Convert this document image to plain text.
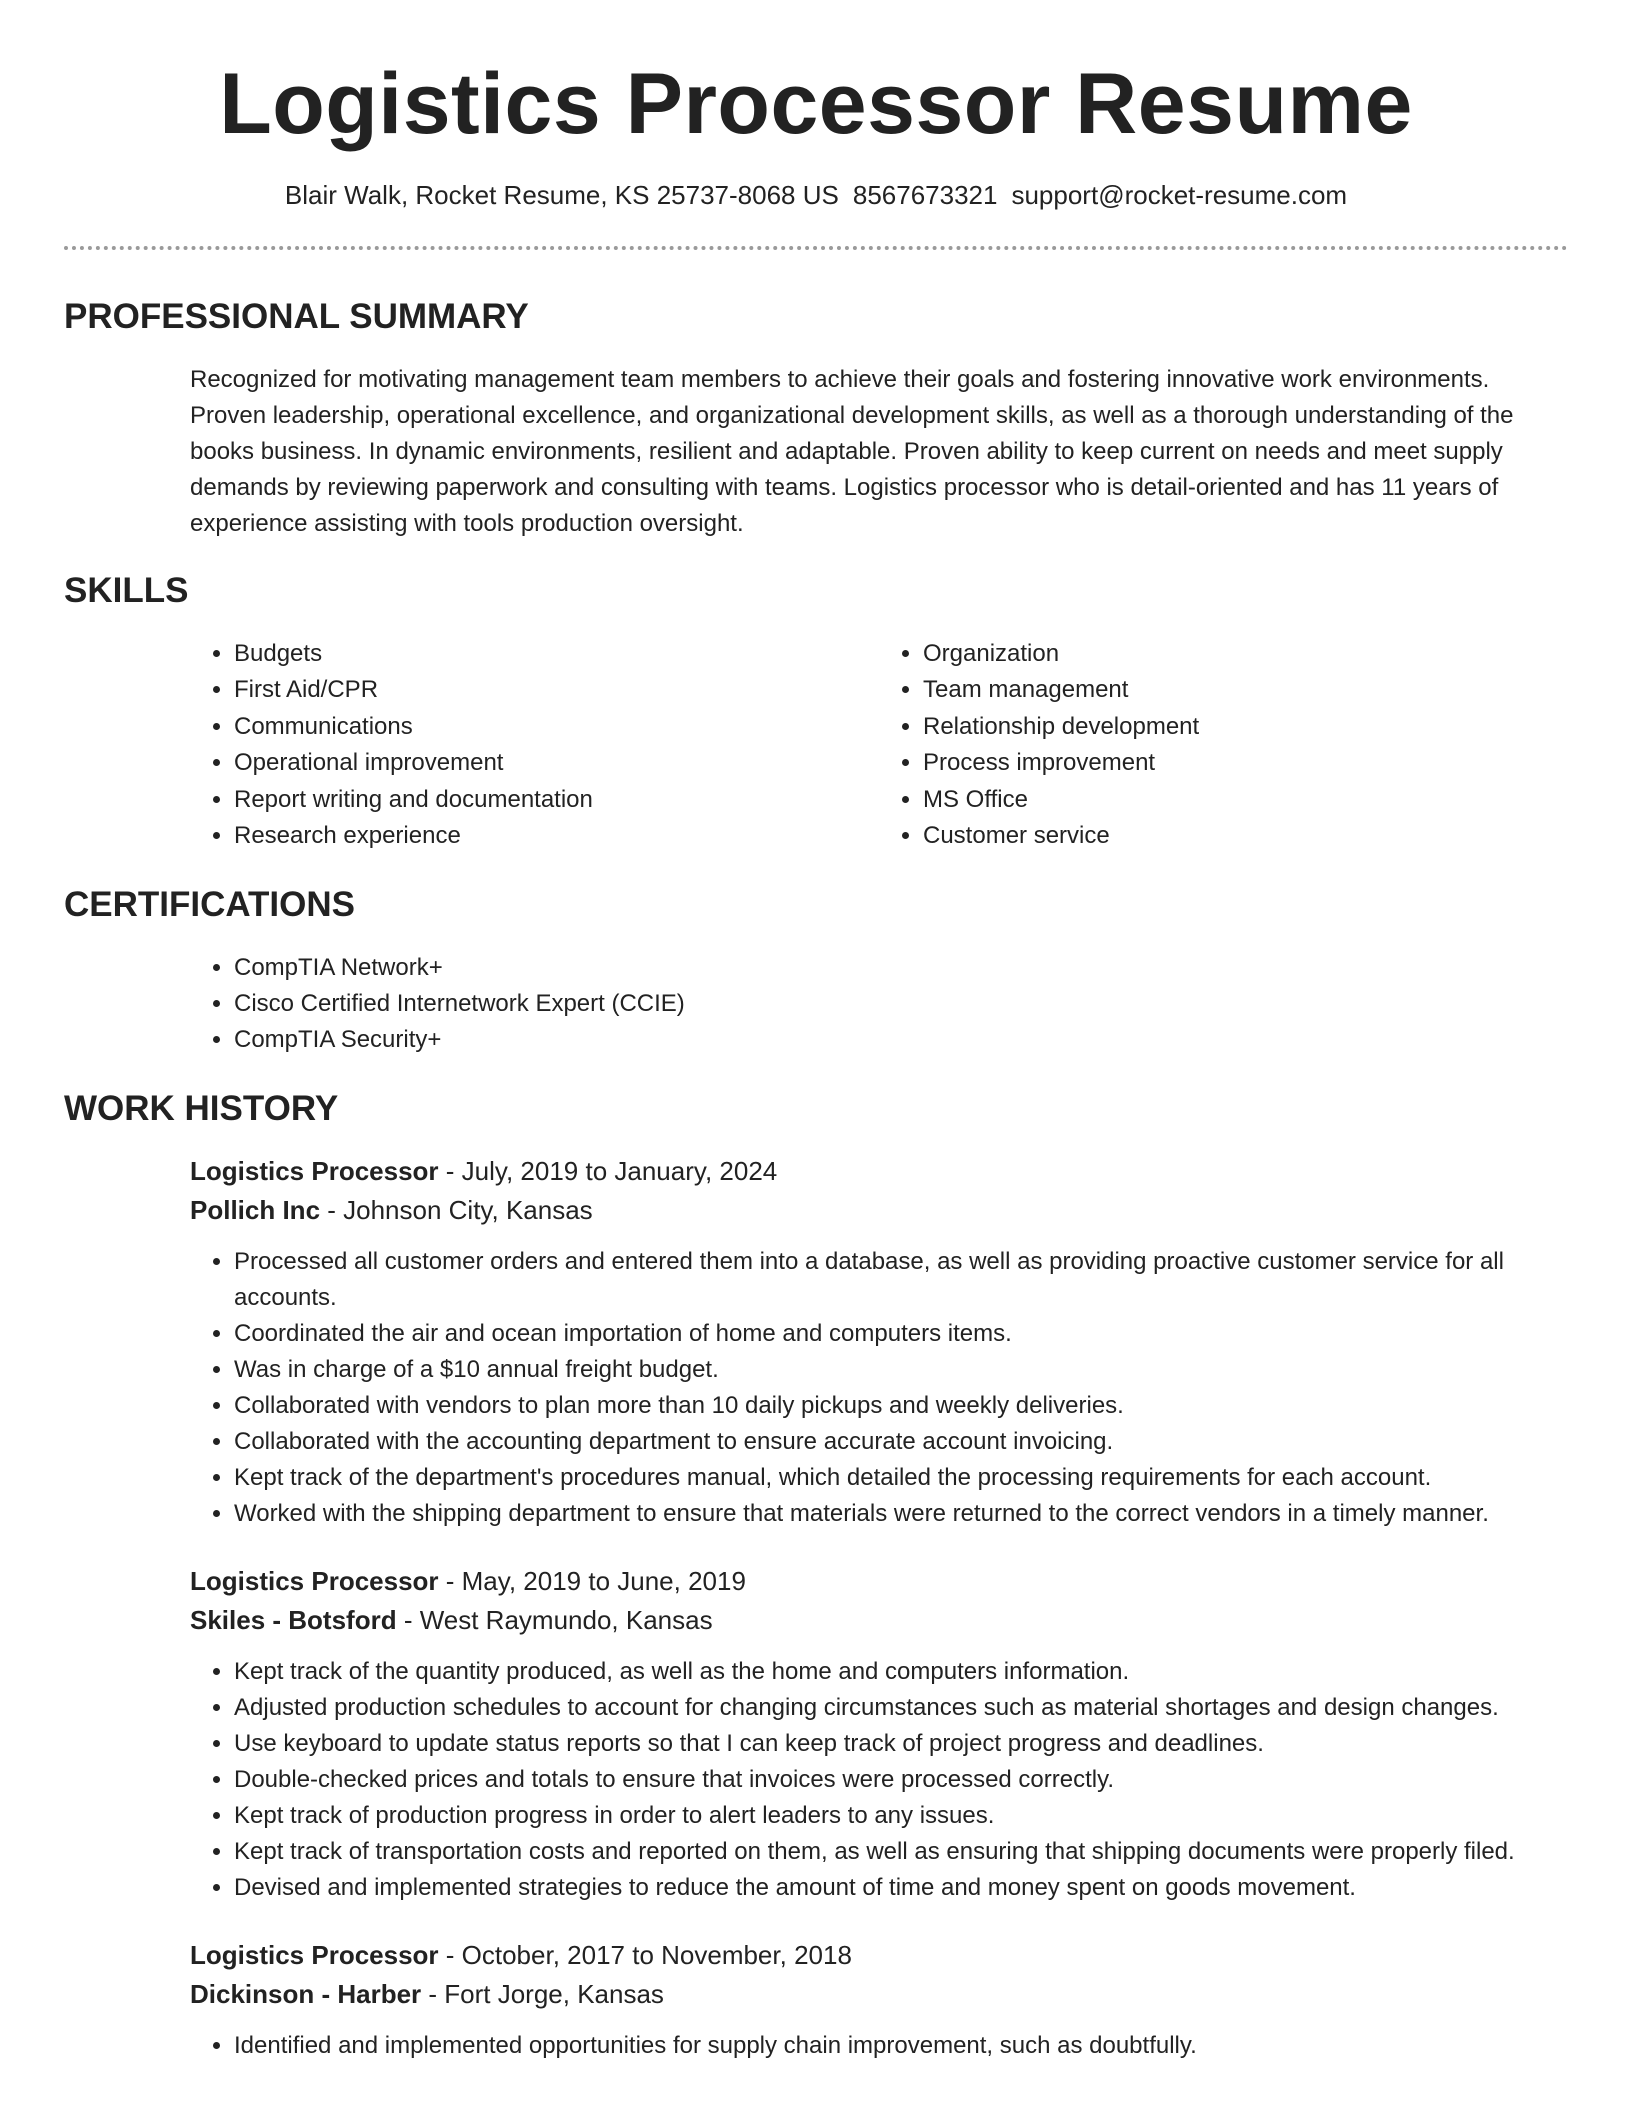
Logistics Processor Resume
Blair Walk, Rocket Resume, KS 25737-8068 US 8567673321 support@rocket-resume.com
PROFESSIONAL SUMMARY

Recognized for motivating management team members to achieve their goals and fostering innovative work environments. Proven leadership, operational excellence, and organizational development skills, as well as a thorough understanding of the books business. In dynamic environments, resilient and adaptable. Proven ability to keep current on needs and meet supply demands by reviewing paperwork and consulting with teams. Logistics processor who is detail-oriented and has 11 years of experience assisting with tools production oversight.

SKILLS
• Budgets
• First Aid/CPR
• Communications
• Operational improvement
• Report writing and documentation
• Research experience
• Organization
• Team management
• Relationship development
• Process improvement
• MS Office
• Customer service
CERTIFICATIONS
• CompTIA Network+
• Cisco Certified Internetwork Expert (CCIE)
• CompTIA Security+
WORK HISTORY

Logistics Processor - July, 2019 to January, 2024

Pollich Inc - Johnson City, Kansas

• Processed all customer orders and entered them into a database, as well as providing proactive customer service for all accounts.
• Coordinated the air and ocean importation of home and computers items.
• Was in charge of a $10 annual freight budget.
• Collaborated with vendors to plan more than 10 daily pickups and weekly deliveries.
• Collaborated with the accounting department to ensure accurate account invoicing.
• Kept track of the department's procedures manual, which detailed the processing requirements for each account.
• Worked with the shipping department to ensure that materials were returned to the correct vendors in a timely manner.

Logistics Processor - May, 2019 to June, 2019

Skiles - Botsford - West Raymundo, Kansas

• Kept track of the quantity produced, as well as the home and computers information.
• Adjusted production schedules to account for changing circumstances such as material shortages and design changes.
• Use keyboard to update status reports so that I can keep track of project progress and deadlines.
• Double-checked prices and totals to ensure that invoices were processed correctly.
• Kept track of production progress in order to alert leaders to any issues.
• Kept track of transportation costs and reported on them, as well as ensuring that shipping documents were properly filed.
• Devised and implemented strategies to reduce the amount of time and money spent on goods movement.

Logistics Processor - October, 2017 to November, 2018

Dickinson - Harber - Fort Jorge, Kansas

• Identified and implemented opportunities for supply chain improvement, such as doubtfully.
